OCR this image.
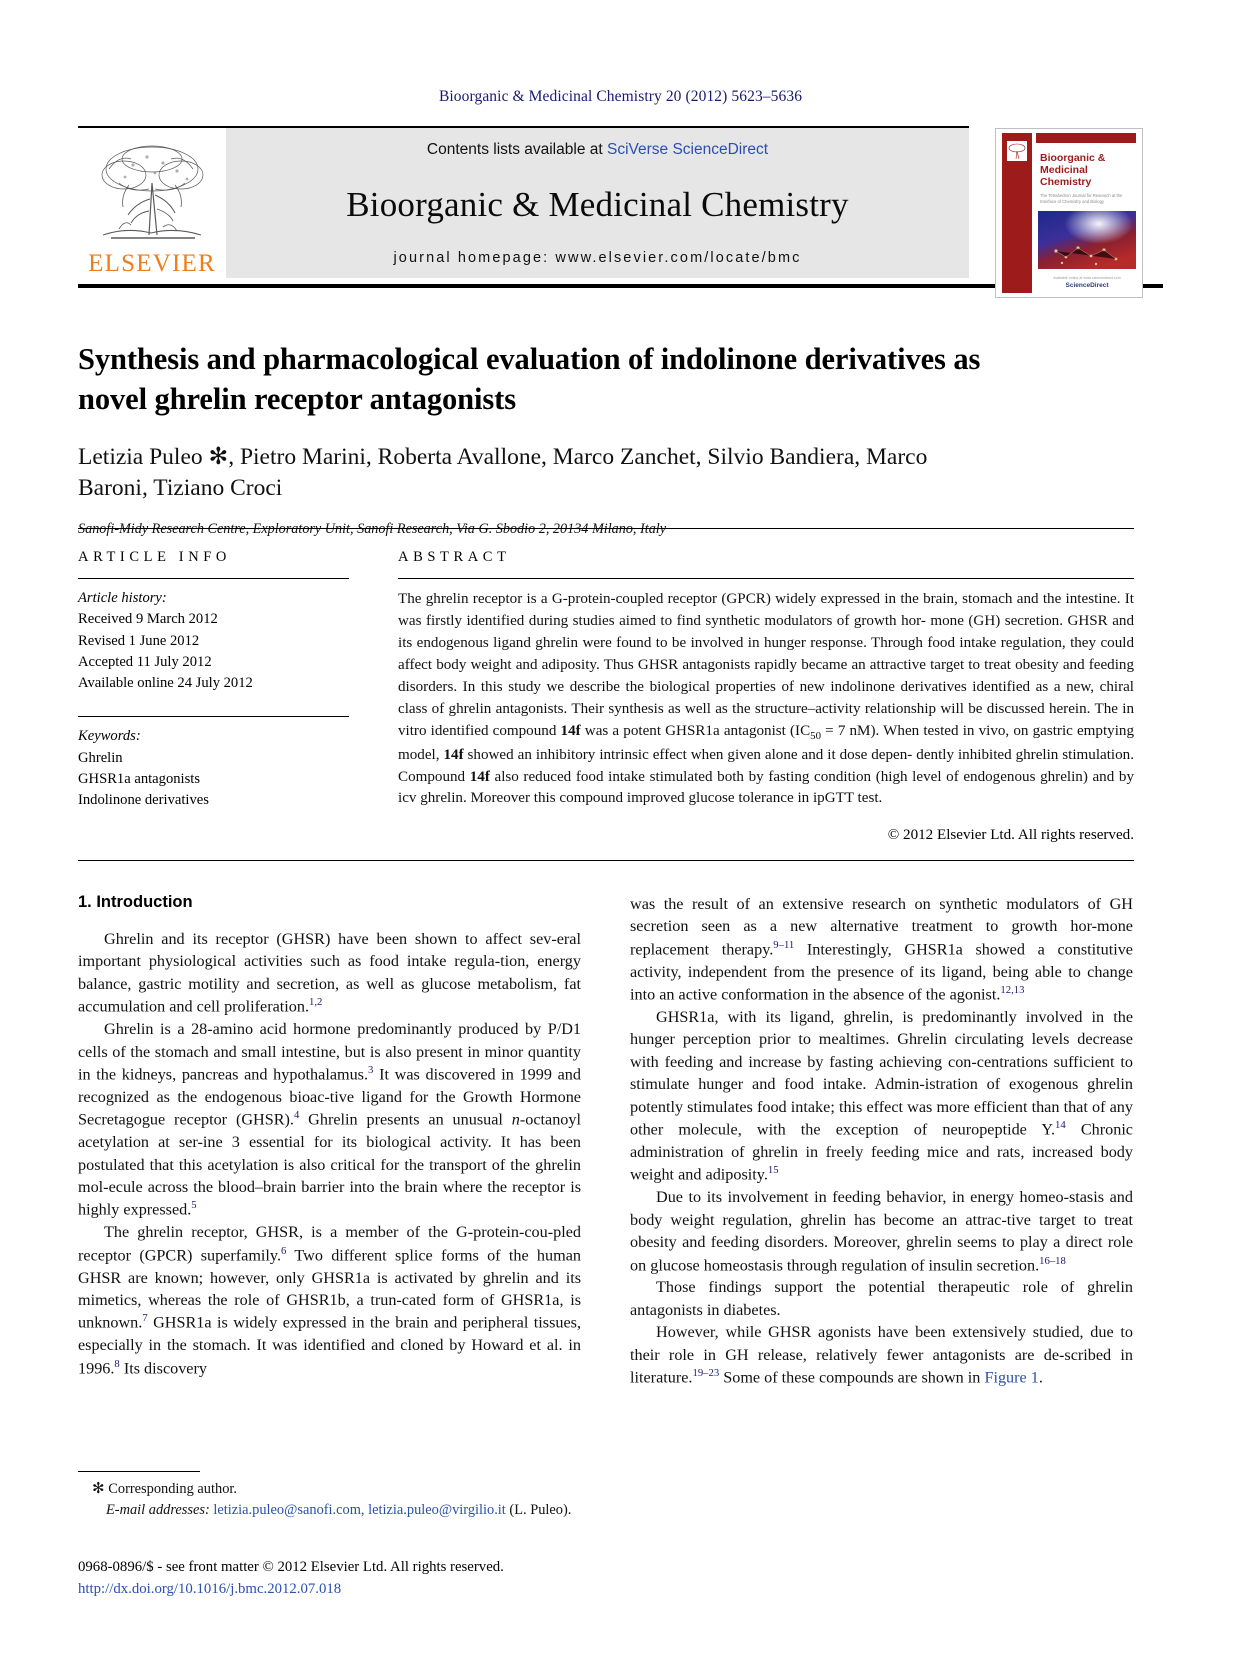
Bioorganic & Medicinal Chemistry 20 (2012) 5623–5636
ELSEVIER
Contents lists available at SciVerse ScienceDirect
Bioorganic & Medicinal Chemistry
journal homepage: www.elsevier.com/locate/bmc
Bioorganic &
Medicinal
Chemistry
The Tetrahedron Journal for Research at the
Interface of Chemistry and Biology
ScienceDirect
Available online at www.sciencedirect.com
Synthesis and pharmacological evaluation of indolinone derivatives as novel ghrelin receptor antagonists
Letizia Puleo ✻, Pietro Marini, Roberta Avallone, Marco Zanchet, Silvio Bandiera, Marco Baroni, Tiziano Croci
Sanofi-Midy Research Centre, Exploratory Unit, Sanofi Research, Via G. Sbodio 2, 20134 Milano, Italy
ARTICLE INFO
Article history:
Received 9 March 2012
Revised 1 June 2012
Accepted 11 July 2012
Available online 24 July 2012
Keywords:
Ghrelin
GHSR1a antagonists
Indolinone derivatives
ABSTRACT
The ghrelin receptor is a G-protein-coupled receptor (GPCR) widely expressed in the brain, stomach and the intestine. It was firstly identified during studies aimed to find synthetic modulators of growth hor- mone (GH) secretion. GHSR and its endogenous ligand ghrelin were found to be involved in hunger response. Through food intake regulation, they could affect body weight and adiposity. Thus GHSR antagonists rapidly became an attractive target to treat obesity and feeding disorders. In this study we describe the biological properties of new indolinone derivatives identified as a new, chiral class of ghrelin antagonists. Their synthesis as well as the structure–activity relationship will be discussed herein. The in vitro identified compound 14f was a potent GHSR1a antagonist ($IC_{50} = 7$ nM). When tested in vivo, on gastric emptying model, 14f showed an inhibitory intrinsic effect when given alone and it dose depen- dently inhibited ghrelin stimulation. Compound 14f also reduced food intake stimulated both by fasting condition (high level of endogenous ghrelin) and by icv ghrelin. Moreover this compound improved glucose tolerance in ipGTT test.
© 2012 Elsevier Ltd. All rights reserved.
1. Introduction

Ghrelin and its receptor (GHSR) have been shown to affect sev-eral important physiological activities such as food intake regula-tion, energy balance, gastric motility and secretion, as well as glucose metabolism, fat accumulation and cell proliferation.$^{1,2}$

Ghrelin is a 28-amino acid hormone predominantly produced by P/D1 cells of the stomach and small intestine, but is also present in minor quantity in the kidneys, pancreas and hypothalamus.$^3$ It was discovered in 1999 and recognized as the endogenous bioac-tive ligand for the Growth Hormone Secretagogue receptor (GHSR).$^4$ Ghrelin presents an unusual n-octanoyl acetylation at ser-ine 3 essential for its biological activity. It has been postulated that this acetylation is also critical for the transport of the ghrelin mol-ecule across the blood–brain barrier into the brain where the receptor is highly expressed.$^5$

The ghrelin receptor, GHSR, is a member of the G-protein-cou-pled receptor (GPCR) superfamily.$^6$ Two different splice forms of the human GHSR are known; however, only GHSR1a is activated by ghrelin and its mimetics, whereas the role of GHSR1b, a trun-cated form of GHSR1a, is unknown.$^7$ GHSR1a is widely expressed in the brain and peripheral tissues, especially in the stomach. It was identified and cloned by Howard et al. in 1996.$^8$ Its discovery

was the result of an extensive research on synthetic modulators of GH secretion seen as a new alternative treatment to growth hor-mone replacement therapy.$^{9-11}$ Interestingly, GHSR1a showed a constitutive activity, independent from the presence of its ligand, being able to change into an active conformation in the absence of the agonist.$^{12,13}$

GHSR1a, with its ligand, ghrelin, is predominantly involved in the hunger perception prior to mealtimes. Ghrelin circulating levels decrease with feeding and increase by fasting achieving con-centrations sufficient to stimulate hunger and food intake. Admin-istration of exogenous ghrelin potently stimulates food intake; this effect was more efficient than that of any other molecule, with the exception of neuropeptide Y.$^{14}$ Chronic administration of ghrelin in freely feeding mice and rats, increased body weight and adiposity.$^{15}$

Due to its involvement in feeding behavior, in energy homeo-stasis and body weight regulation, ghrelin has become an attrac-tive target to treat obesity and feeding disorders. Moreover, ghrelin seems to play a direct role on glucose homeostasis through regulation of insulin secretion.$^{16-18}$

Those findings support the potential therapeutic role of ghrelin antagonists in diabetes.

However, while GHSR agonists have been extensively studied, due to their role in GH release, relatively fewer antagonists are de-scribed in literature.$^{19-23}$ Some of these compounds are shown in Figure 1.

✻ Corresponding author.
E-mail addresses: letizia.puleo@sanofi.com, letizia.puleo@virgilio.it (L. Puleo).
0968-0896/$ - see front matter © 2012 Elsevier Ltd. All rights reserved.
http://dx.doi.org/10.1016/j.bmc.2012.07.018
